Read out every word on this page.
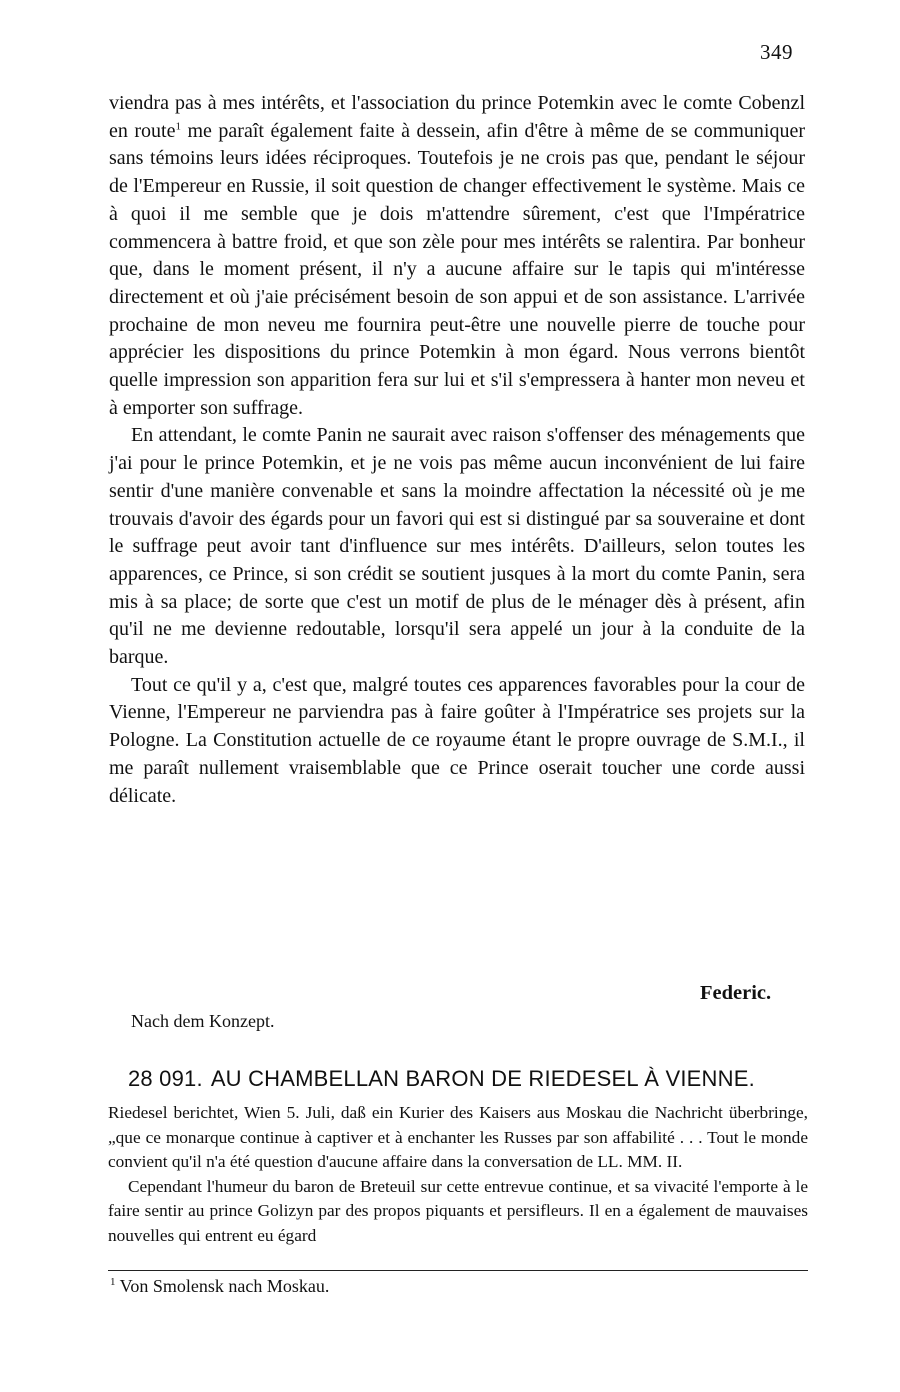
349

viendra pas à mes intérêts, et l'association du prince Potemkin avec le comte Cobenzl en route$^1$ me paraît également faite à dessein, afin d'être à même de se communiquer sans témoins leurs idées réciproques. Toutefois je ne crois pas que, pendant le séjour de l'Empereur en Russie, il soit question de changer effectivement le système. Mais ce à quoi il me semble que je dois m'attendre sûrement, c'est que l'Impératrice commencera à battre froid, et que son zèle pour mes intérêts se ralentira. Par bonheur que, dans le moment présent, il n'y a aucune affaire sur le tapis qui m'intéresse directement et où j'aie précisément besoin de son appui et de son assistance. L'arrivée prochaine de mon neveu me fournira peut-être une nouvelle pierre de touche pour apprécier les dispositions du prince Potemkin à mon égard. Nous verrons bientôt quelle impression son apparition fera sur lui et s'il s'empressera à hanter mon neveu et à emporter son suffrage.

En attendant, le comte Panin ne saurait avec raison s'offenser des ménagements que j'ai pour le prince Potemkin, et je ne vois pas même aucun inconvénient de lui faire sentir d'une manière convenable et sans la moindre affectation la nécessité où je me trouvais d'avoir des égards pour un favori qui est si distingué par sa souveraine et dont le suffrage peut avoir tant d'influence sur mes intérêts. D'ailleurs, selon toutes les apparences, ce Prince, si son crédit se soutient jusques à la mort du comte Panin, sera mis à sa place; de sorte que c'est un motif de plus de le ménager dès à présent, afin qu'il ne me devienne redoutable, lorsqu'il sera appelé un jour à la conduite de la barque.

Tout ce qu'il y a, c'est que, malgré toutes ces apparences favorables pour la cour de Vienne, l'Empereur ne parviendra pas à faire goûter à l'Impératrice ses projets sur la Pologne. La Constitution actuelle de ce royaume étant le propre ouvrage de S.M.I., il me paraît nullement vraisemblable que ce Prince oserait toucher une corde aussi délicate.

Federic.
Nach dem Konzept.
28 091. AU CHAMBELLAN BARON DE RIEDESEL À VIENNE.

Riedesel berichtet, Wien 5. Juli, daß ein Kurier des Kaisers aus Moskau die Nachricht überbringe, „que ce monarque continue à captiver et à enchanter les Russes par son affabilité . . . Tout le monde convient qu'il n'a été question d'aucune affaire dans la conversation de LL. MM. II.

Cependant l'humeur du baron de Breteuil sur cette entrevue continue, et sa vivacité l'emporte à le faire sentir au prince Golizyn par des propos piquants et persifleurs. Il en a également de mauvaises nouvelles qui entrent eu égard

$^1$ Von Smolensk nach Moskau.
